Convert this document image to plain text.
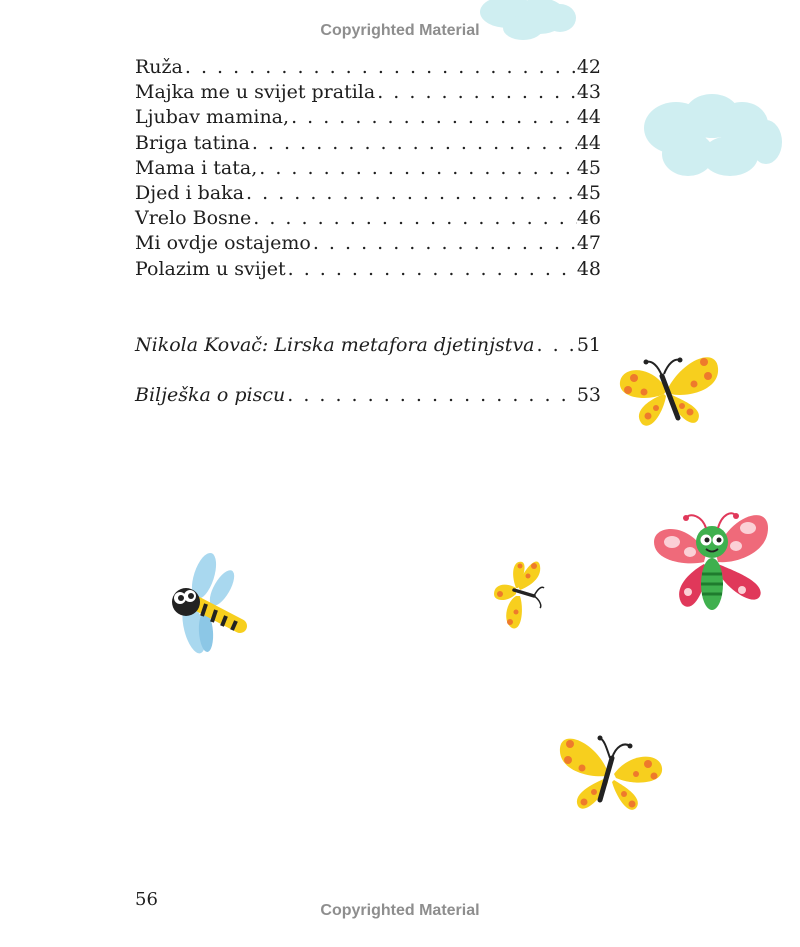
Copyrighted Material
Ruža . . .	42
Majka me u svijet pratila . . .	43
Ljubav mamina, . . .	44
Briga tatina . . .	44
Mama i tata, . . .	45
Djed i baka . . .	45
Vrelo Bosne . . .	46
Mi ovdje ostajemo . . .	47
Polazim u svijet . . .	48
Nikola Kovač: Lirska metafora djetinjstva . . . 51
Bilješka o piscu . . .	53
56
Copyrighted Material
